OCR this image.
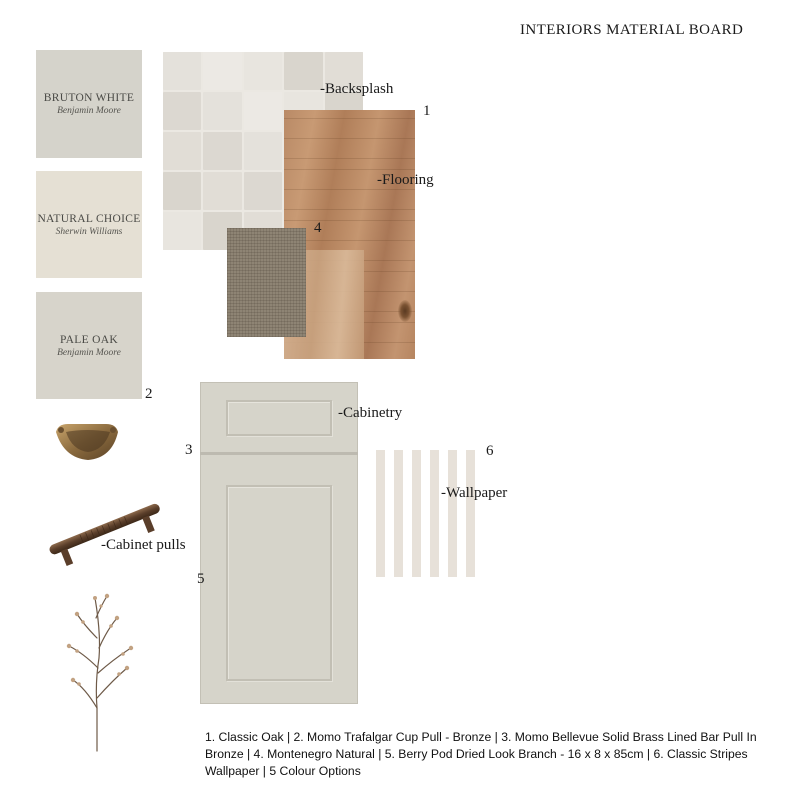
INTERIORS MATERIAL BOARD
BRUTON WHITE
Benjamin Moore
NATURAL CHOICE
Sherwin Williams
PALE OAK
Benjamin Moore
-Backsplash
-Flooring
-Cabinetry
-Wallpaper
-Cabinet pulls
1
2
3
4
5
6
1. Classic Oak | 2. Momo Trafalgar Cup Pull - Bronze | 3. Momo Bellevue Solid Brass Lined Bar Pull In Bronze | 4. Montenegro Natural | 5. Berry Pod Dried Look Branch - 16 x 8 x 85cm | 6. Classic Stripes Wallpaper | 5 Colour Options
